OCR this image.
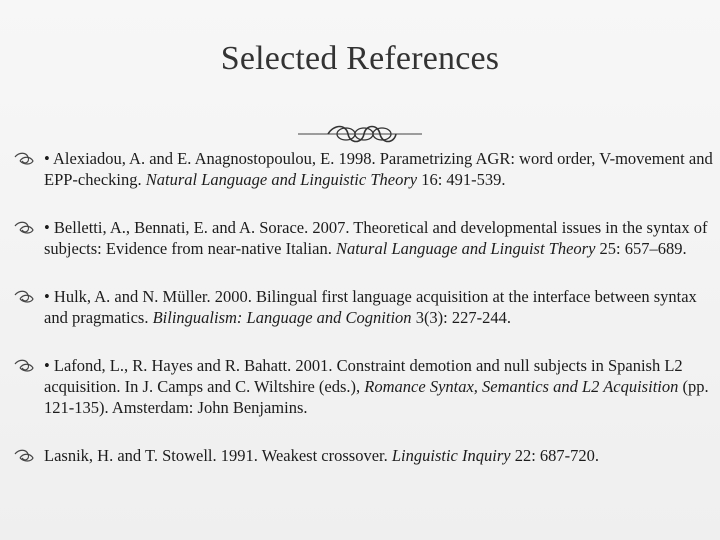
Selected References
• Alexiadou, A. and E. Anagnostopoulou, E. 1998. Parametrizing AGR: word order, V-movement and EPP-checking. Natural Language and Linguistic Theory 16: 491-539.
• Belletti, A., Bennati, E. and A. Sorace. 2007. Theoretical and developmental issues in the syntax of subjects: Evidence from near-native Italian. Natural Language and Linguist Theory 25: 657–689.
• Hulk, A. and N. Müller. 2000. Bilingual first language acquisition at the interface between syntax and pragmatics. Bilingualism: Language and Cognition 3(3): 227-244.
• Lafond, L., R. Hayes and R. Bahatt. 2001. Constraint demotion and null subjects in Spanish L2 acquisition. In J. Camps and C. Wiltshire (eds.), Romance Syntax, Semantics and L2 Acquisition (pp. 121-135). Amsterdam: John Benjamins.
Lasnik, H. and T. Stowell. 1991. Weakest crossover. Linguistic Inquiry 22: 687-720.
